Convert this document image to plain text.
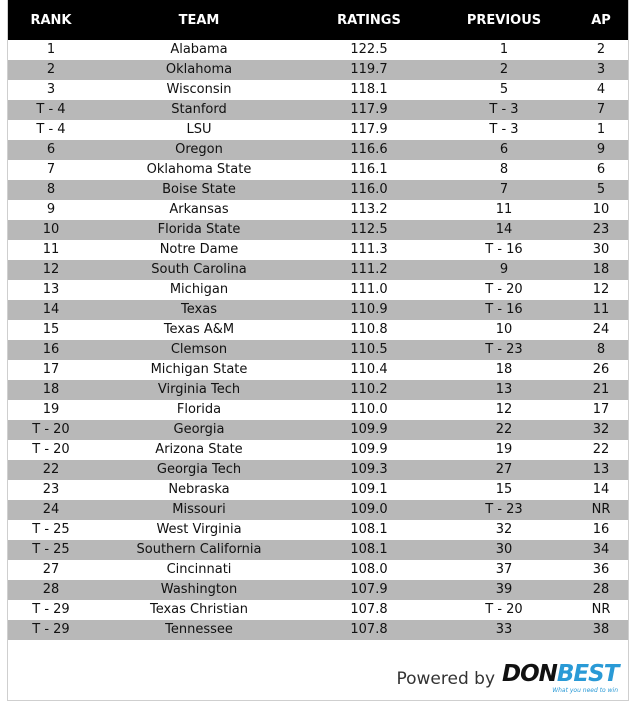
RANK	TEAM	RATINGS	PREVIOUS	AP
1	Alabama	122.5	1	2
2	Oklahoma	119.7	2	3
3	Wisconsin	118.1	5	4
T - 4	Stanford	117.9	T - 3	7
T - 4	LSU	117.9	T - 3	1
6	Oregon	116.6	6	9
7	Oklahoma State	116.1	8	6
8	Boise State	116.0	7	5
9	Arkansas	113.2	11	10
10	Florida State	112.5	14	23
11	Notre Dame	111.3	T - 16	30
12	South Carolina	111.2	9	18
13	Michigan	111.0	T - 20	12
14	Texas	110.9	T - 16	11
15	Texas A&M	110.8	10	24
16	Clemson	110.5	T - 23	8
17	Michigan State	110.4	18	26
18	Virginia Tech	110.2	13	21
19	Florida	110.0	12	17
T - 20	Georgia	109.9	22	32
T - 20	Arizona State	109.9	19	22
22	Georgia Tech	109.3	27	13
23	Nebraska	109.1	15	14
24	Missouri	109.0	T - 23	NR
T - 25	West Virginia	108.1	32	16
T - 25	Southern California	108.1	30	34
27	Cincinnati	108.0	37	36
28	Washington	107.9	39	28
T - 29	Texas Christian	107.8	T - 20	NR
T - 29	Tennessee	107.8	33	38
Powered by DONBEST
What you need to win
